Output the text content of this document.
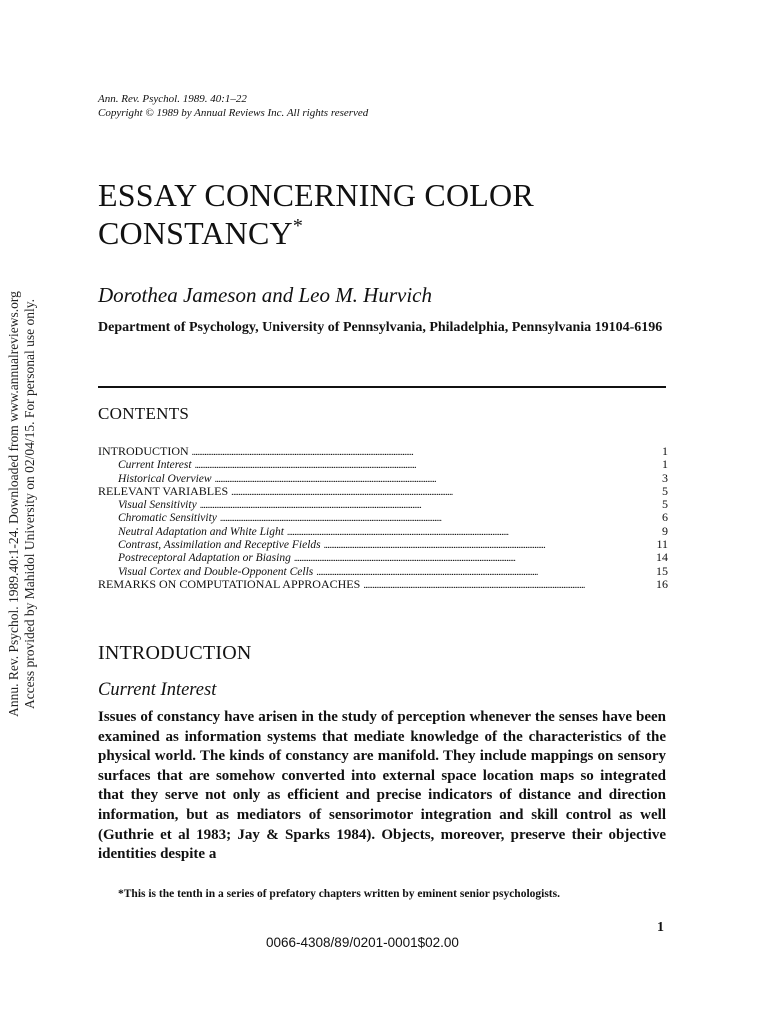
Ann. Rev. Psychol. 1989. 40:1–22
Copyright © 1989 by Annual Reviews Inc. All rights reserved
ESSAY CONCERNING COLOR CONSTANCY*
Dorothea Jameson and Leo M. Hurvich
Department of Psychology, University of Pennsylvania, Philadelphia, Pennsylvania 19104-6196
CONTENTS
INTRODUCTION . . .	1
Current Interest . . .	1
Historical Overview . . .	3
RELEVANT VARIABLES . . .	5
Visual Sensitivity . . .	5
Chromatic Sensitivity . . .	6
Neutral Adaptation and White Light . . .	9
Contrast, Assimilation and Receptive Fields . . .	11
Postreceptoral Adaptation or Biasing . . .	14
Visual Cortex and Double-Opponent Cells . . .	15
REMARKS ON COMPUTATIONAL APPROACHES . . .	16
INTRODUCTION
Current Interest

Issues of constancy have arisen in the study of perception whenever the senses have been examined as information systems that mediate knowledge of the characteristics of the physical world. The kinds of constancy are manifold. They include mappings on sensory surfaces that are somehow converted into external space location maps so integrated that they serve not only as efficient and precise indicators of distance and direction information, but as mediators of sensorimotor integration and skill control as well (Guthrie et al 1983; Jay & Sparks 1984). Objects, moreover, preserve their objective identities despite a

*This is the tenth in a series of prefatory chapters written by eminent senior psychologists.
1
0066-4308/89/0201-0001$02.00
Annu. Rev. Psychol. 1989.40:1-24. Downloaded from www.annualreviews.org Access provided by Mahidol University on 02/04/15. For personal use only.
